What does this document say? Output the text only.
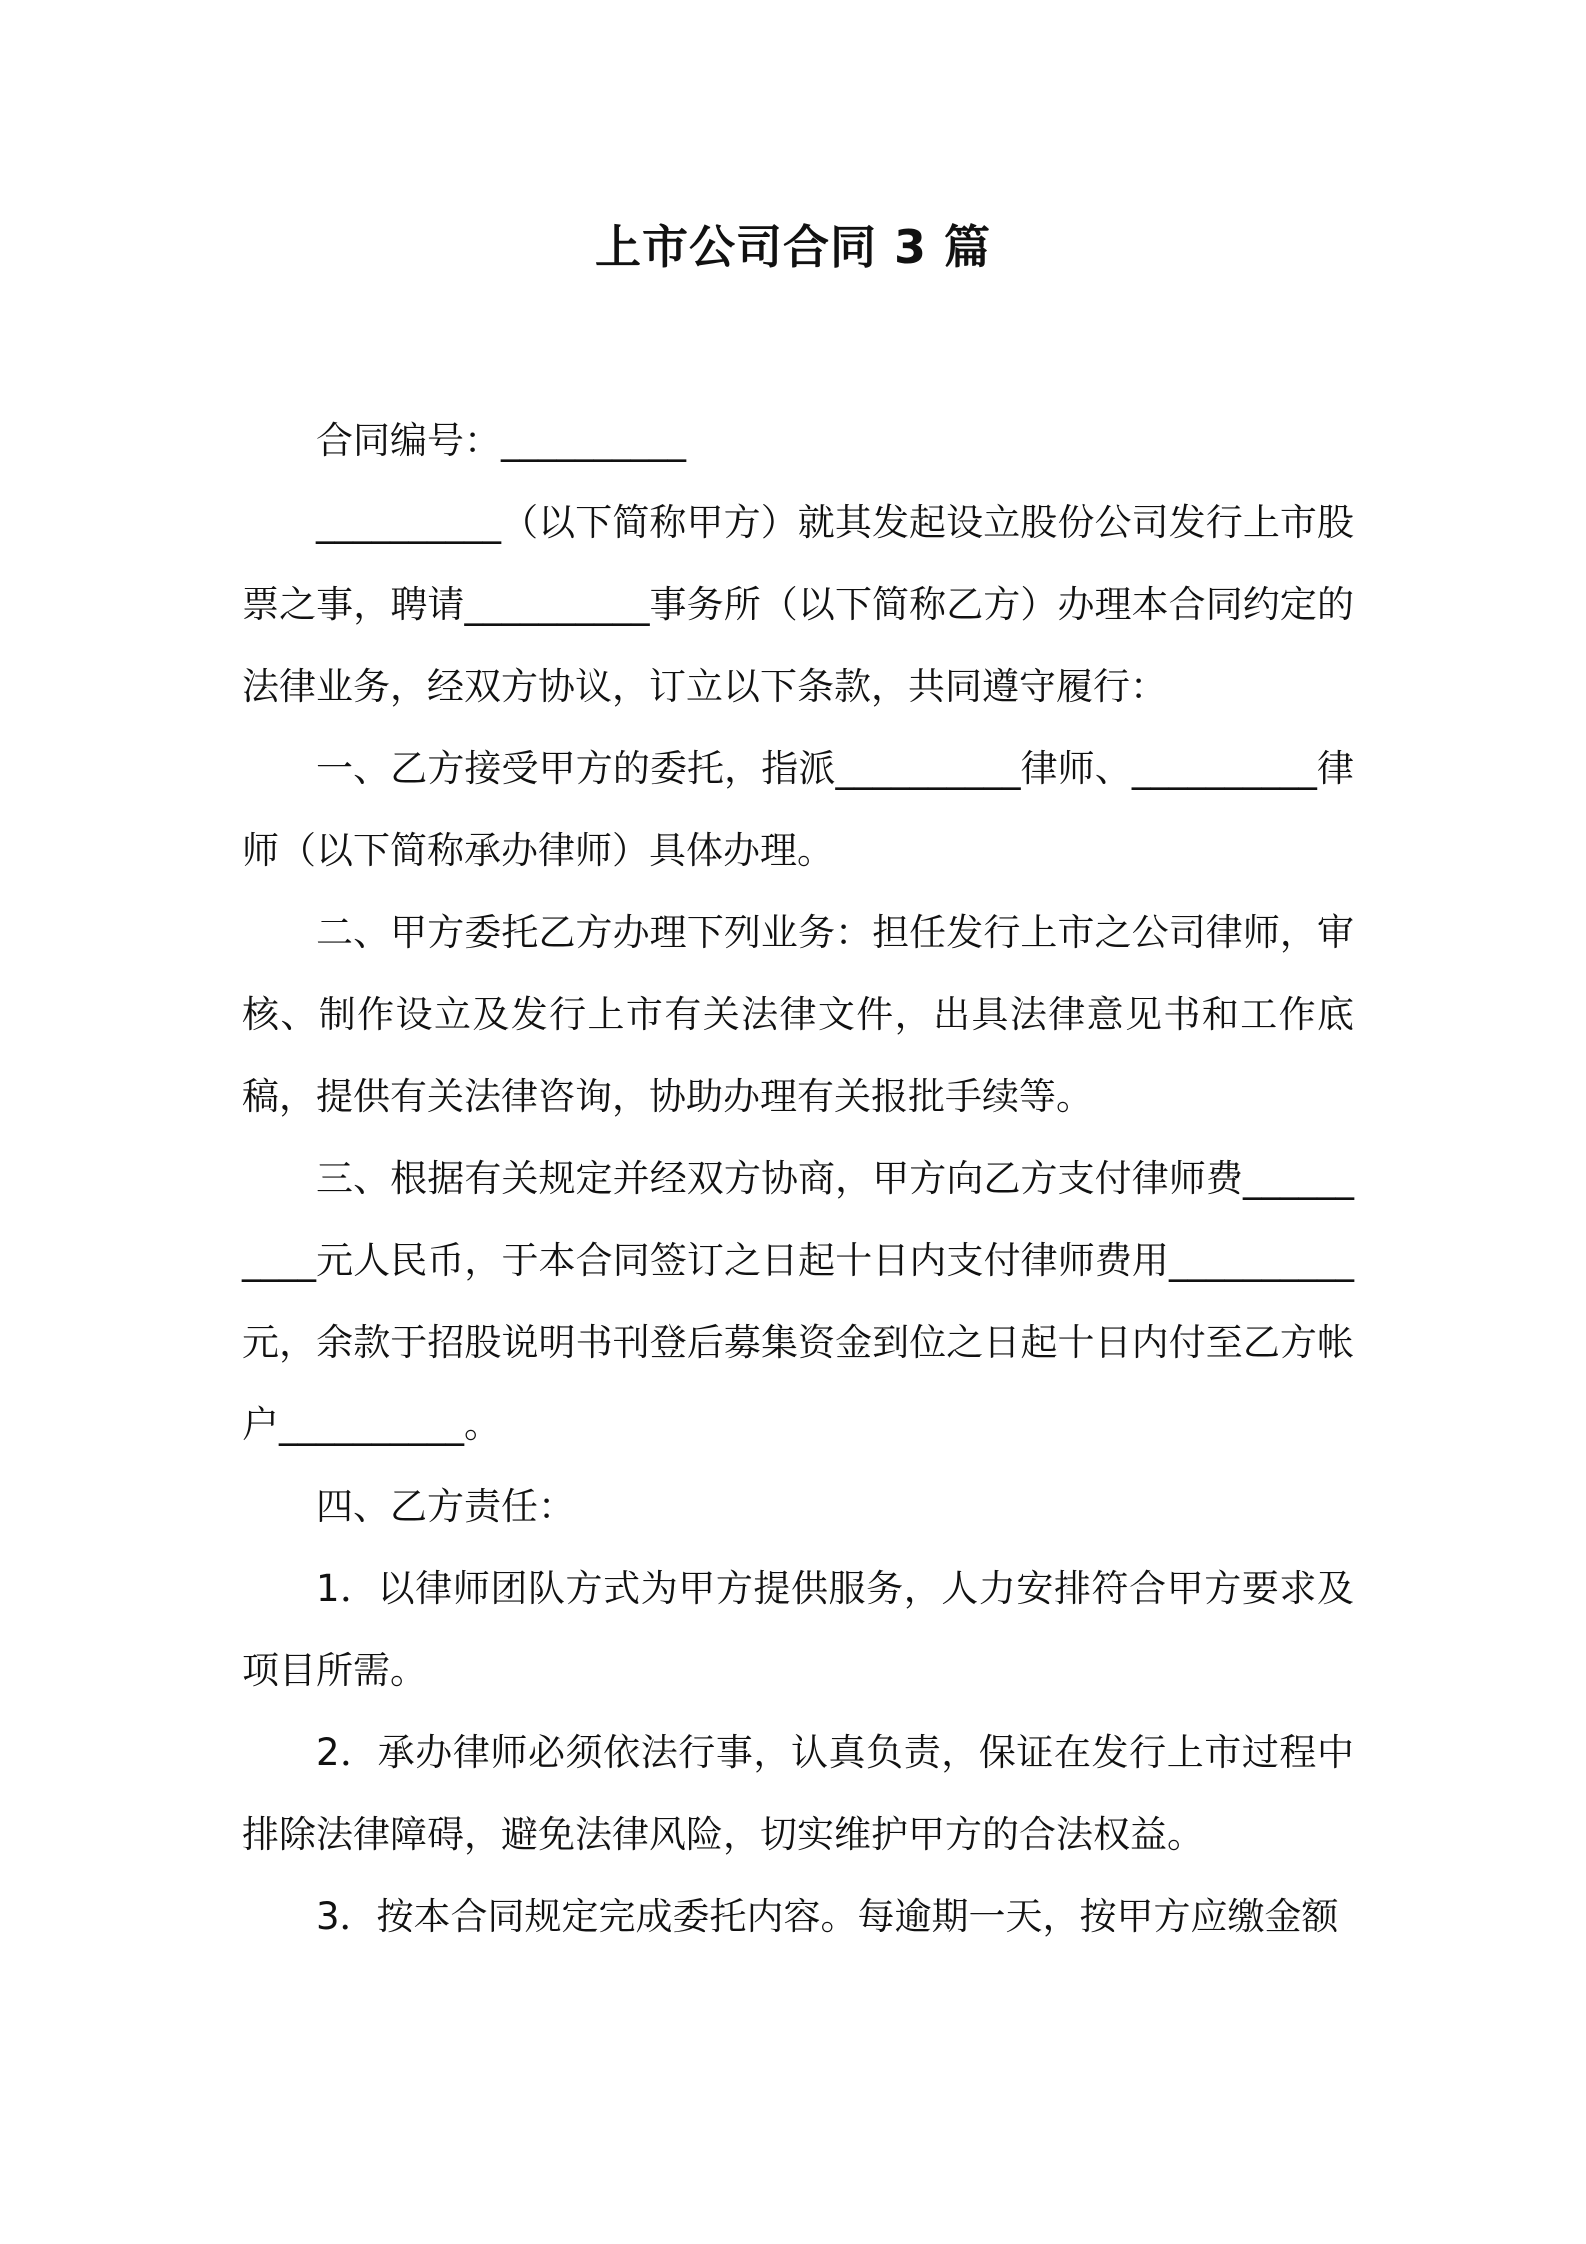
上市公司合同 3 篇

合同编号：__________

__________（以下简称甲方）就其发起设立股份公司发行上市股票之事，聘请__________事务所（以下简称乙方）办理本合同约定的法律业务，经双方协议，订立以下条款，共同遵守履行：

一、乙方接受甲方的委托，指派__________律师、__________律师（以下简称承办律师）具体办理。

二、甲方委托乙方办理下列业务：担任发行上市之公司律师，审核、制作设立及发行上市有关法律文件，出具法律意见书和工作底稿，提供有关法律咨询，协助办理有关报批手续等。

三、根据有关规定并经双方协商，甲方向乙方支付律师费__________元人民币，于本合同签订之日起十日内支付律师费用__________元，余款于招股说明书刊登后募集资金到位之日起十日内付至乙方帐户__________。

四、乙方责任：

1．以律师团队方式为甲方提供服务，人力安排符合甲方要求及项目所需。

2．承办律师必须依法行事，认真负责，保证在发行上市过程中排除法律障碍，避免法律风险，切实维护甲方的合法权益。

3．按本合同规定完成委托内容。每逾期一天，按甲方应缴金额
